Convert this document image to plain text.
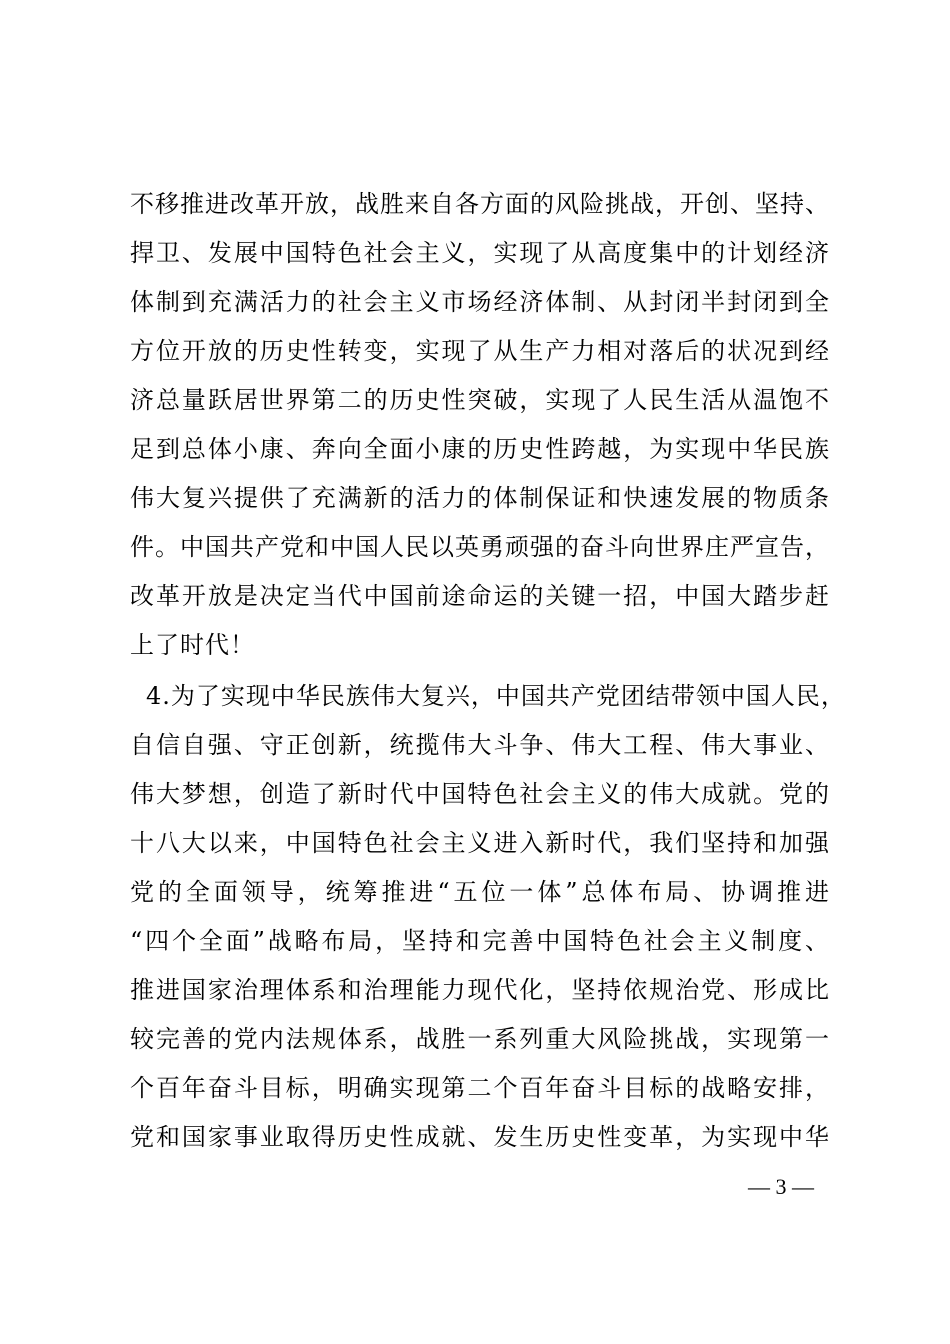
不移推进改革开放，战胜来自各方面的风险挑战，开创、坚持、
捍卫、发展中国特色社会主义，实现了从高度集中的计划经济
体制到充满活力的社会主义市场经济体制、从封闭半封闭到全
方位开放的历史性转变，实现了从生产力相对落后的状况到经
济总量跃居世界第二的历史性突破，实现了人民生活从温饱不
足到总体小康、奔向全面小康的历史性跨越，为实现中华民族
伟大复兴提供了充满新的活力的体制保证和快速发展的物质条
件。中国共产党和中国人民以英勇顽强的奋斗向世界庄严宣告，
改革开放是决定当代中国前途命运的关键一招，中国大踏步赶
上了时代！
4.为了实现中华民族伟大复兴，中国共产党团结带领中国人民，
自信自强、守正创新，统揽伟大斗争、伟大工程、伟大事业、
伟大梦想，创造了新时代中国特色社会主义的伟大成就。党的
十八大以来，中国特色社会主义进入新时代，我们坚持和加强
党的全面领导，统筹推进“五位一体”总体布局、协调推进
“四个全面”战略布局，坚持和完善中国特色社会主义制度、
推进国家治理体系和治理能力现代化，坚持依规治党、形成比
较完善的党内法规体系，战胜一系列重大风险挑战，实现第一
个百年奋斗目标，明确实现第二个百年奋斗目标的战略安排，
党和国家事业取得历史性成就、发生历史性变革，为实现中华
— 3 —
